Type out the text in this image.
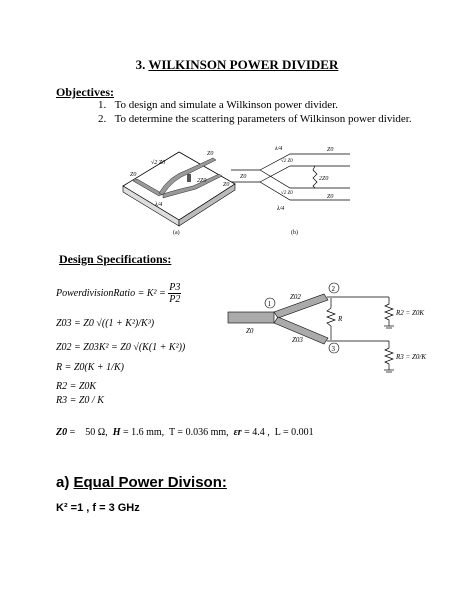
3. WILKINSON POWER DIVIDER
Objectives:
1. To design and simulate a Wilkinson power divider.
2. To determine the scattering parameters of Wilkinson power divider.
Z0
√2 Z0
Z0
2Z0
Z0
λ/4
(a)
Z0
Z0
Z0
λ/4
√2 Z0
√2 Z0
2Z0
λ/4
(b)
Design Specifications:
PowerdivisionRatio = $K^2 = \frac{P3}{P2}$
Z03 = Z0 √((1 + K²)/K³)
Z02 = Z03K² = Z0 √(K(1 + K²))
R = Z0(K + 1/K)
R2 = Z0K
R3 = Z0 / K
1
2
3
Z02
Z03
Z0
R
R2 = Z0K
R3 = Z0/K
Z0 =    50 Ω, H = 1.6 mm, T = 0.036 mm, εr = 4.4 , L = 0.001
a) Equal Power Divison:
K² =1 , f = 3 GHz
